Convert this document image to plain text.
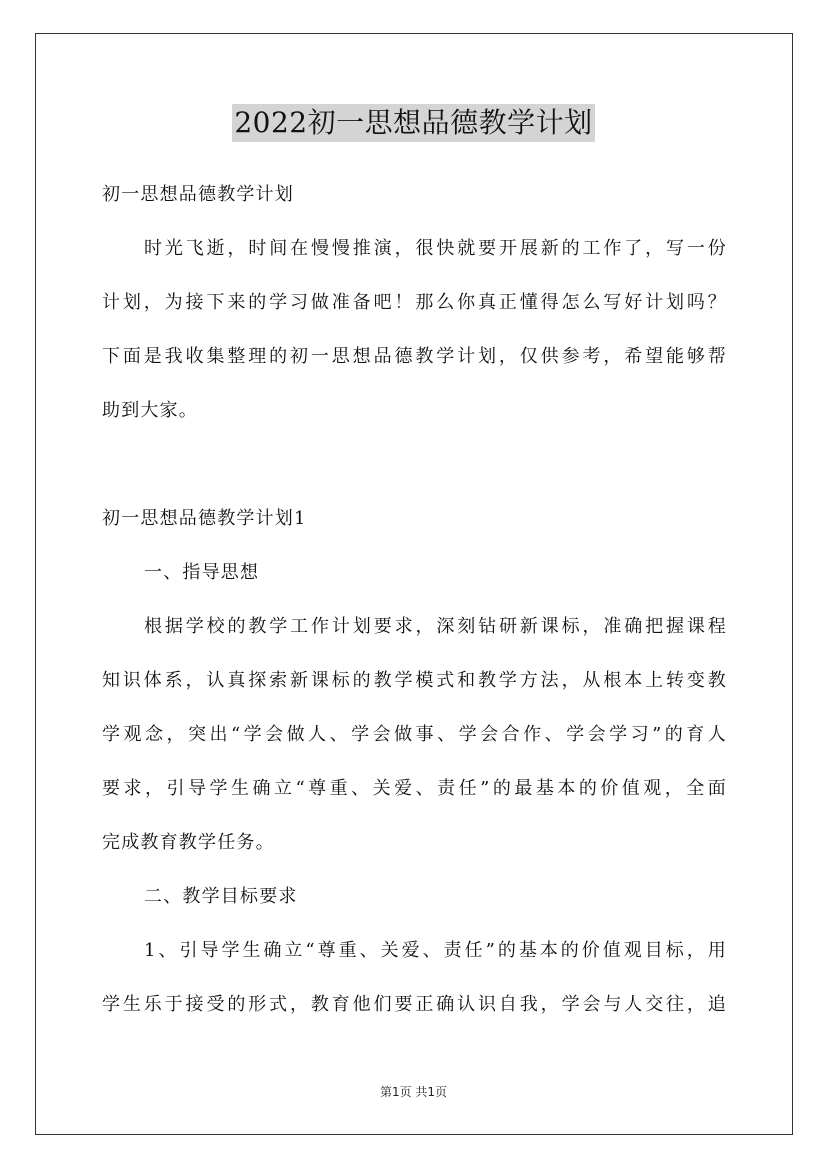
2022初一思想品德教学计划
初一思想品德教学计划
时光飞逝，时间在慢慢推演，很快就要开展新的工作了，写一份
计划，为接下来的学习做准备吧！那么你真正懂得怎么写好计划吗？
下面是我收集整理的初一思想品德教学计划，仅供参考，希望能够帮
助到大家。
初一思想品德教学计划1
一、指导思想
根据学校的教学工作计划要求，深刻钻研新课标，准确把握课程
知识体系，认真探索新课标的教学模式和教学方法，从根本上转变教
学观念，突出“学会做人、学会做事、学会合作、学会学习”的育人
要求，引导学生确立“尊重、关爱、责任”的最基本的价值观，全面
完成教育教学任务。
二、教学目标要求
1、引导学生确立“尊重、关爱、责任”的基本的价值观目标，用
学生乐于接受的形式，教育他们要正确认识自我，学会与人交往，追
第1页 共1页
